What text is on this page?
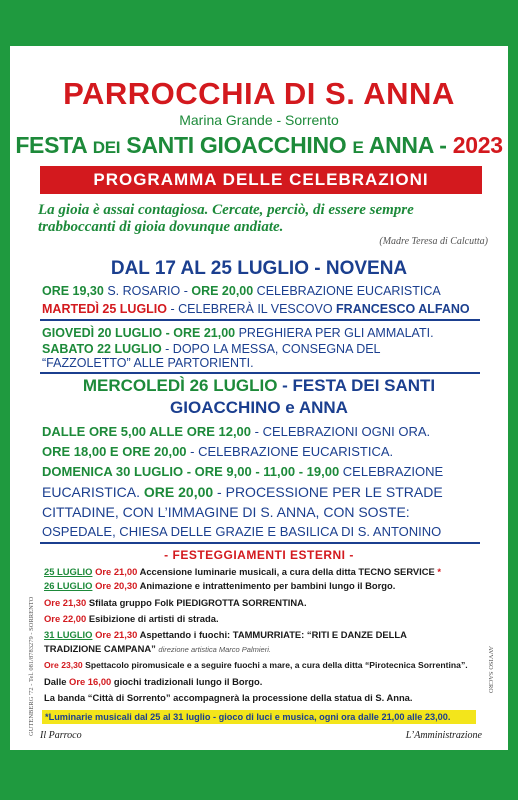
PARROCCHIA DI S. ANNA
Marina Grande - Sorrento
FESTA DEI SANTI GIOACCHINO E ANNA - 2023
PROGRAMMA DELLE CELEBRAZIONI
La gioia è assai contagiosa. Cercate, perciò, di essere sempre trabboccanti di gioia dovunque andiate.
(Madre Teresa di Calcutta)
DAL 17 AL 25 LUGLIO - NOVENA
ORE 19,30 S. ROSARIO - ORE 20,00 CELEBRAZIONE EUCARISTICA
MARTEDÌ 25 LUGLIO - CELEBRERÀ IL VESCOVO FRANCESCO ALFANO
GIOVEDÌ 20 LUGLIO - ORE 21,00 PREGHIERA PER GLI AMMALATI.
SABATO 22 LUGLIO - DOPO LA MESSA, CONSEGNA DEL
“FAZZOLETTO” ALLE PARTORIENTI.
MERCOLEDÌ 26 LUGLIO - FESTA DEI SANTI
GIOACCHINO e ANNA
DALLE ORE 5,00 ALLE ORE 12,00 - CELEBRAZIONI OGNI ORA.
ORE 18,00 E ORE 20,00 - CELEBRAZIONE EUCARISTICA.
DOMENICA 30 LUGLIO - ORE 9,00 - 11,00 - 19,00 CELEBRAZIONE
EUCARISTICA. ORE 20,00 - PROCESSIONE PER LE STRADE
CITTADINE, CON L’IMMAGINE DI S. ANNA, CON SOSTE:
OSPEDALE, CHIESA DELLE GRAZIE E BASILICA DI S. ANTONINO
- FESTEGGIAMENTI ESTERNI -
25 LUGLIO Ore 21,00 Accensione luminarie musicali, a cura della ditta TECNO SERVICE *
26 LUGLIO Ore 20,30 Animazione e intrattenimento per bambini lungo il Borgo.
Ore 21,30 Sfilata gruppo Folk PIEDIGROTTA SORRENTINA.
Ore 22,00 Esibizione di artisti di strada.
31 LUGLIO Ore 21,30 Aspettando i fuochi: TAMMURRIATE: “RITI E DANZE DELLA
TRADIZIONE CAMPANA” direzione artistica Marco Palmieri.
Ore 23,30 Spettacolo piromusicale e a seguire fuochi a mare, a cura della ditta “Pirotecnica Sorrentina”.
Dalle Ore 16,00 giochi tradizionali lungo il Borgo.
La banda “Città di Sorrento” accompagnerà la processione della statua di S. Anna.
*Luminarie musicali dal 25 al 31 luglio - gioco di luci e musica, ogni ora dalle 21,00 alle 23,00.
GUTENBERG '72 - Tel. 081/8783279 - SORRENTO	AVVISO SACRO
Il Parroco	L’Amministrazione
